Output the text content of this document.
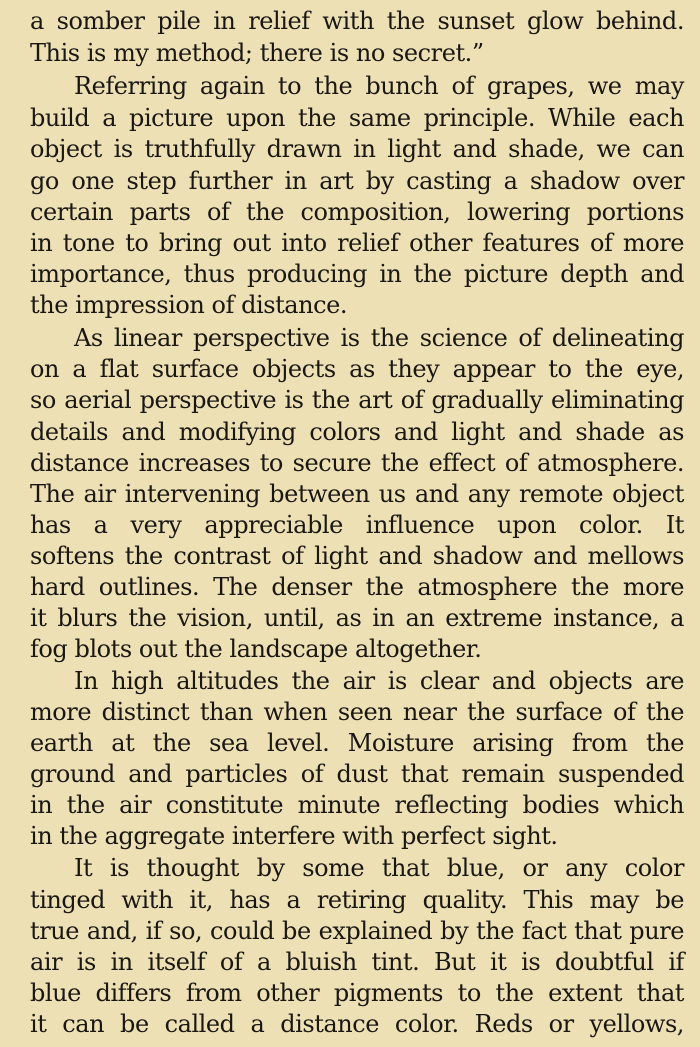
a somber pile in relief with the sunset glow behind.
This is my method; there is no secret.”
Referring again to the bunch of grapes, we may
build a picture upon the same principle. While each
object is truthfully drawn in light and shade, we can
go one step further in art by casting a shadow over
certain parts of the composition, lowering portions
in tone to bring out into relief other features of more
importance, thus producing in the picture depth and
the impression of distance.
As linear perspective is the science of delineating
on a flat surface objects as they appear to the eye,
so aerial perspective is the art of gradually eliminating
details and modifying colors and light and shade as
distance increases to secure the effect of atmosphere.
The air intervening between us and any remote object
has a very appreciable influence upon color. It
softens the contrast of light and shadow and mellows
hard outlines. The denser the atmosphere the more
it blurs the vision, until, as in an extreme instance, a
fog blots out the landscape altogether.
In high altitudes the air is clear and objects are
more distinct than when seen near the surface of the
earth at the sea level. Moisture arising from the
ground and particles of dust that remain suspended
in the air constitute minute reflecting bodies which
in the aggregate interfere with perfect sight.
It is thought by some that blue, or any color
tinged with it, has a retiring quality. This may be
true and, if so, could be explained by the fact that pure
air is in itself of a bluish tint. But it is doubtful if
blue differs from other pigments to the extent that
it can be called a distance color. Reds or yellows,
